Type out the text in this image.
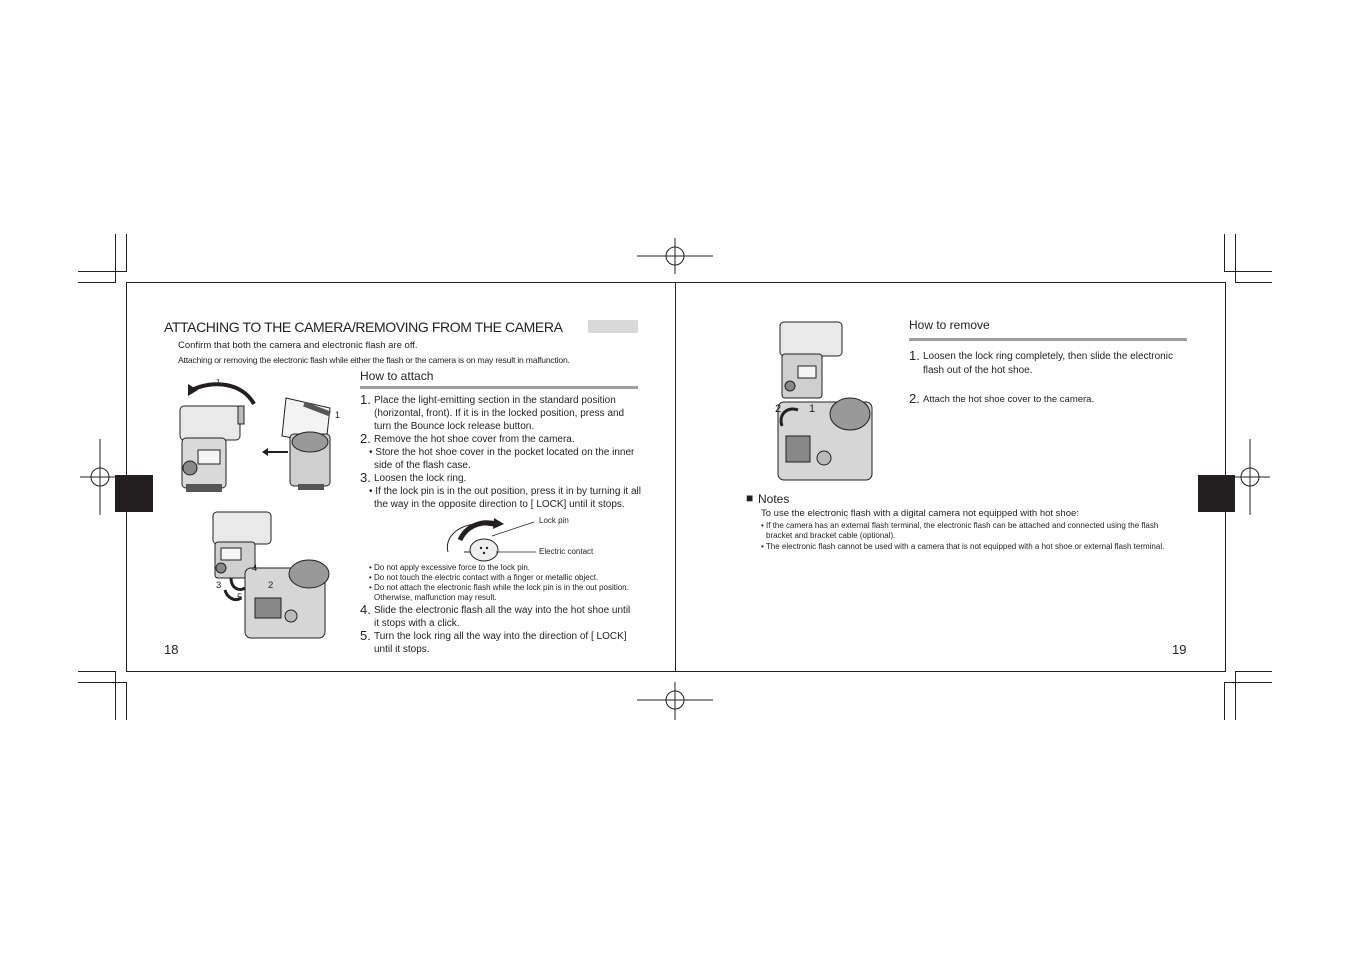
ATTACHING TO THE CAMERA/REMOVING FROM THE CAMERA
Confirm that both the camera and electronic flash are off.
Attaching or removing the electronic flash while either the flash or the camera is on may result in malfunction.
How to attach
1. Place the light-emitting section in the standard position
(horizontal, front). If it is in the locked position, press and
turn the Bounce lock release button.
2. Remove the hot shoe cover from the camera.
• Store the hot shoe cover in the pocket located on the inner
side of the flash case.
3. Loosen the lock ring.
• If the lock pin is in the out position, press it in by turning it all
the way in the opposite direction to [ LOCK] until it stops.
Lock pin
Electric contact
• Do not apply excessive force to the lock pin.
• Do not touch the electric contact with a finger or metallic object.
• Do not attach the electronic flash while the lock pin is in the out position.
Otherwise, malfunction may result.
4. Slide the electronic flash all the way into the hot shoe until
it stops with a click.
5. Turn the lock ring all the way into the direction of [ LOCK]
until it stops.
18
1
1
4
2
3
5
2	1
How to remove
1. Loosen the lock ring completely, then slide the electronic
flash out of the hot shoe.
2. Attach the hot shoe cover to the camera.
■ Notes
To use the electronic flash with a digital camera not equipped with hot shoe:
• If the camera has an external flash terminal, the electronic flash can be attached and connected using the flash
bracket and bracket cable (optional).
• The electronic flash cannot be used with a camera that is not equipped with a hot shoe or external flash terminal.
19
